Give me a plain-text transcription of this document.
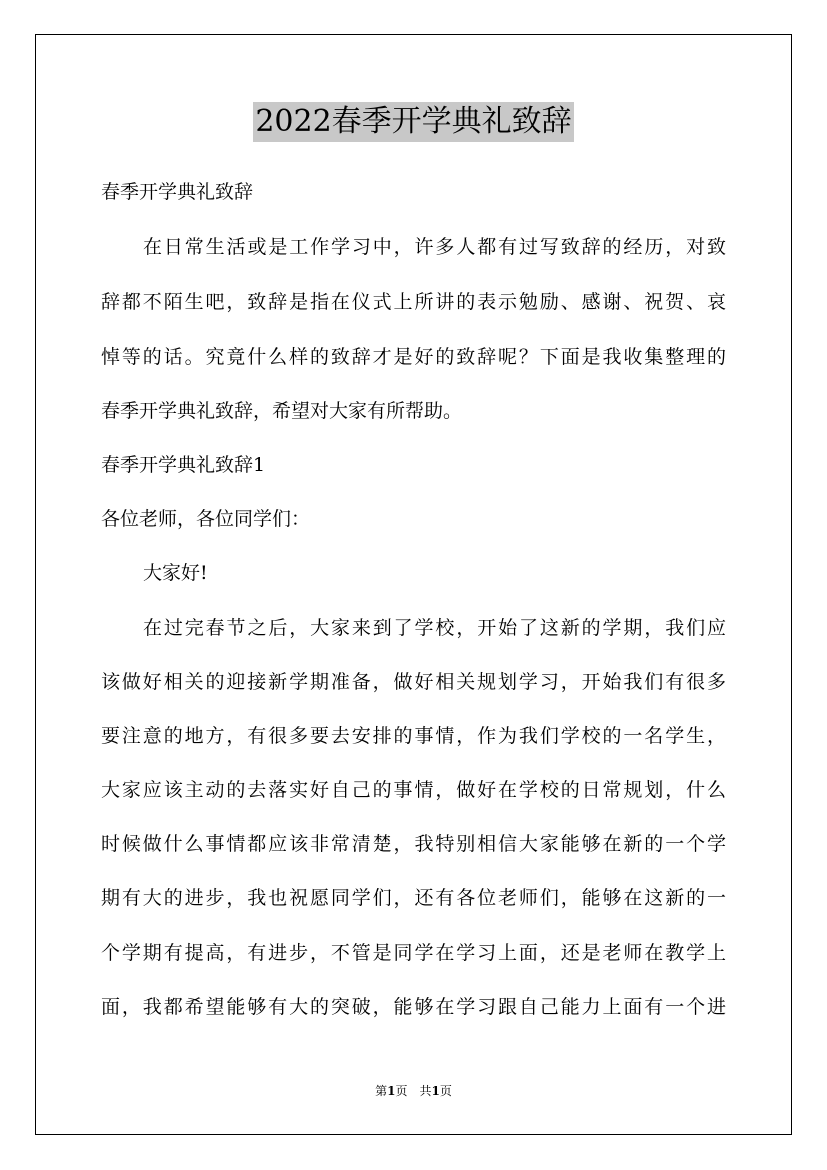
2022春季开学典礼致辞
春季开学典礼致辞
在日常生活或是工作学习中，许多人都有过写致辞的经历，对致
辞都不陌生吧，致辞是指在仪式上所讲的表示勉励、感谢、祝贺、哀
悼等的话。究竟什么样的致辞才是好的致辞呢？下面是我收集整理的
春季开学典礼致辞，希望对大家有所帮助。
春季开学典礼致辞1
各位老师，各位同学们：
大家好!
在过完春节之后，大家来到了学校，开始了这新的学期，我们应
该做好相关的迎接新学期准备，做好相关规划学习，开始我们有很多
要注意的地方，有很多要去安排的事情，作为我们学校的一名学生，
大家应该主动的去落实好自己的事情，做好在学校的日常规划，什么
时候做什么事情都应该非常清楚，我特别相信大家能够在新的一个学
期有大的进步，我也祝愿同学们，还有各位老师们，能够在这新的一
个学期有提高，有进步，不管是同学在学习上面，还是老师在教学上
面，我都希望能够有大的突破，能够在学习跟自己能力上面有一个进
第1页　共1页
